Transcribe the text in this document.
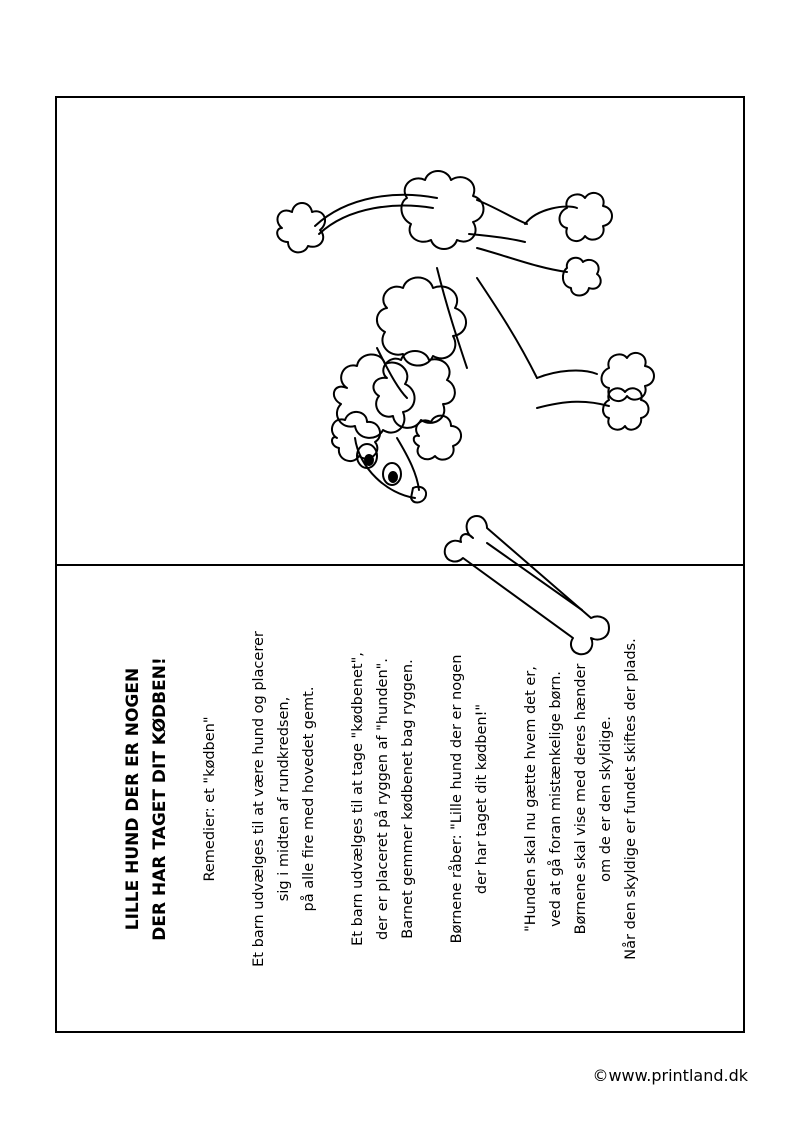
LILLE HUND DER ER NOGEN DER HAR TAGET DIT KØDBEN! Remedier: et "kødben"	Et barn udvælges til at være hund og placerer sig i midten af rundkredsen, på alle fire med hovedet gemt.	Et barn udvælges til at tage "kødbenet", der er placeret på ryggen af "hunden". Barnet gemmer kødbenet bag ryggen.	Børnene råber: "Lille hund der er nogen der har taget dit kødben!"	"Hunden skal nu gætte hvem det er, ved at gå foran mistænkelige børn. Børnene skal vise med deres hænder om de er den skyldige. Når den skyldige er fundet skiftes der plads.

©www.printland.dk
